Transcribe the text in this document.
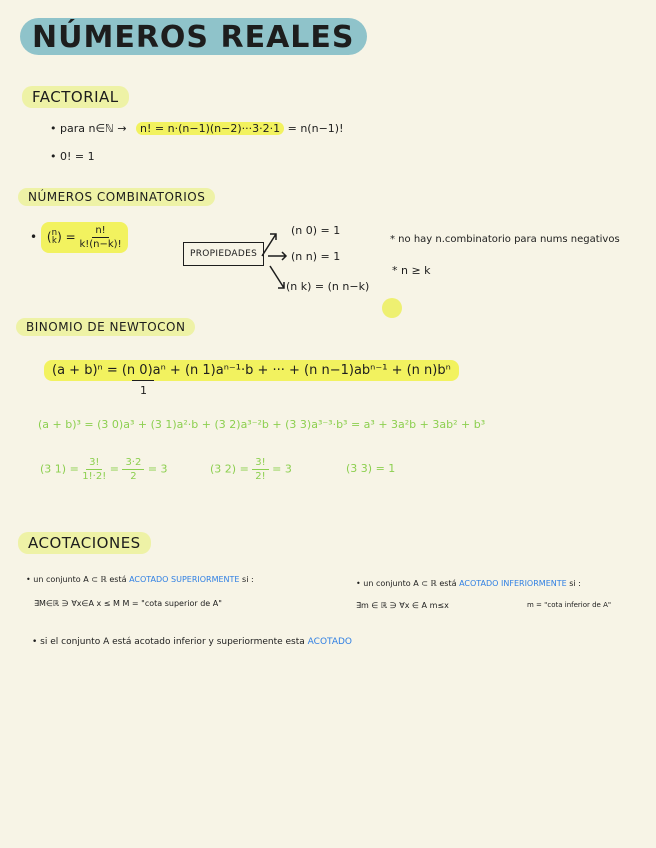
NÚMEROS REALES
FACTORIAL
• para n∈ℕ → n! = n·(n−1)(n−2)···3·2·1 = n(n−1)!
• 0! = 1
NÚMEROS COMBINATORIOS
• ( n
k ) = $\frac{n!}{k!(n-k)!}$
PROPIEDADES
(n 0) = 1
(n n) = 1
(n k) = (n n−k)
* no hay n.combinatorio para nums negativos
* n ≥ k
BINOMIO DE NEWTOCON
(a + b)ⁿ = (n 0)aⁿ + (n 1)aⁿ⁻¹·b + ··· + (n n−1)abⁿ⁻¹ + (n n)bⁿ
1
(a + b)³ = (3 0)a³ + (3 1)a²·b + (3 2)a³⁻²b + (3 3)a³⁻³·b³ = a³ + 3a²b + 3ab² + b³
(3 $1) = \frac{3!}{1!\cdot 2!} = \frac{3\cdot 2}{2} = 3$	(3 $2) = \frac{3!}{2!} = 3$	(3 3) = 1
ACOTACIONES
• un conjunto A ⊂ ℝ está ACOTADO SUPERIORMENTE si :
∃M∈ℝ ∋ ∀x∈A x ≤ M M = "cota superior de A"
• un conjunto A ⊂ ℝ está ACOTADO INFERIORMENTE si :
∃m ∈ ℝ ∋ ∀x ∈ A m≤x	m = "cota inferior de A"
• si el conjunto A está acotado inferior y superiormente esta ACOTADO
